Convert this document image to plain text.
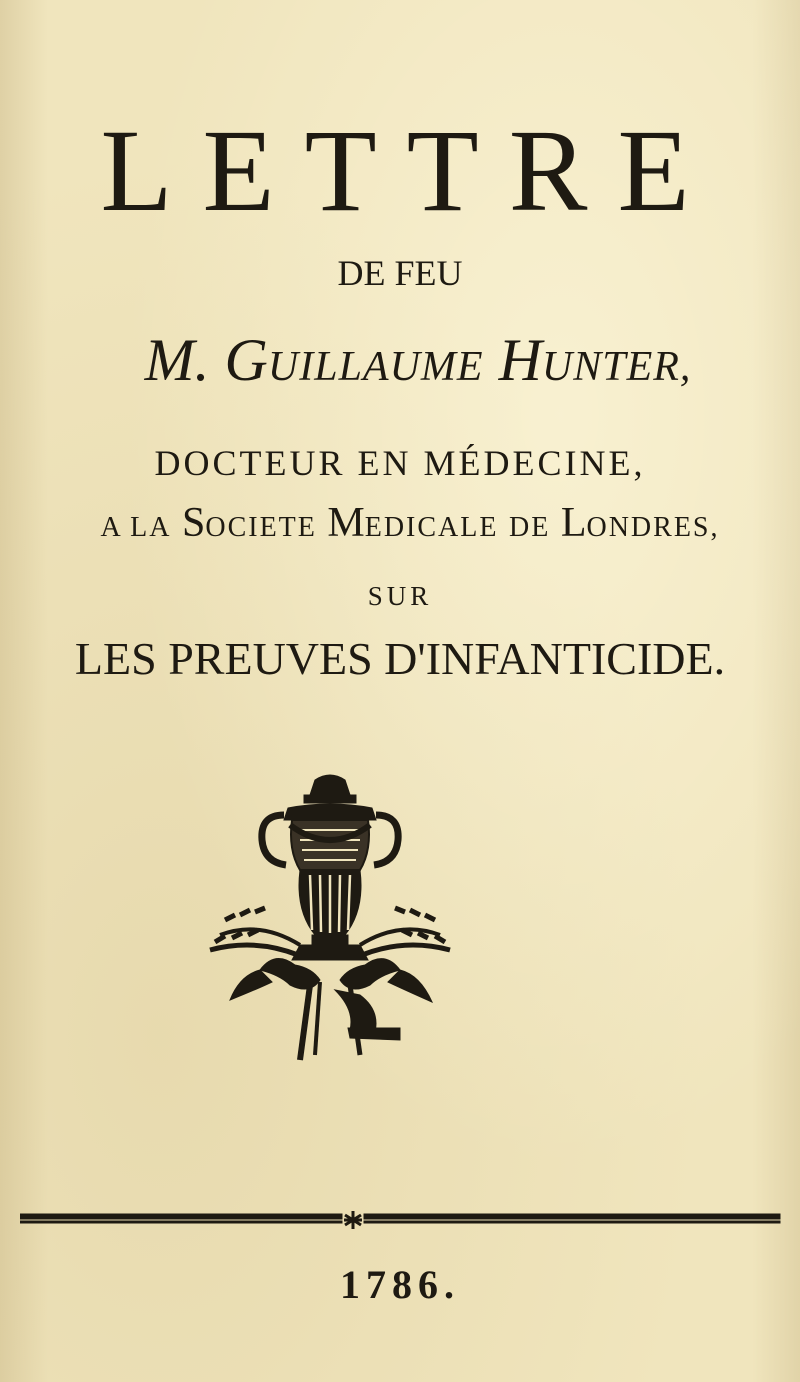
LETTRE

DE FEU

M. GUILLAUME HUNTER,

DOCTEUR EN MÉDECINE,

A LA SOCIETE MEDICALE DE LONDRES,

SUR

LES PREUVES D'INFANTICIDE.

1786.
